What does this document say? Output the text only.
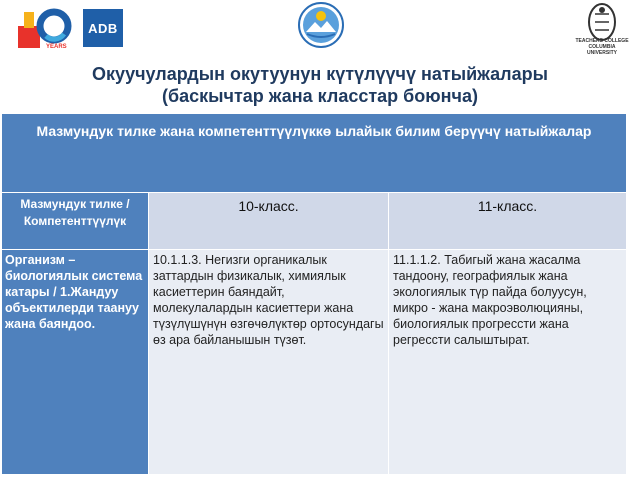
YEARS
ADB
TEACHERS COLLEGE
COLUMBIA UNIVERSITY
Окуучулардын окутуунун күтүлүүчү натыйжалары
(баскычтар жана класстар боюнча)
Мазмундук тилке жана компетенттүүлүккө ылайык билим берүүчү натыйжалар		

Мазмундук тилке / Компетенттүүлүк	10-класс.	11-класс.

Организм – биологиялык система катары / 1.Жандуу объектилерди таануу жана баяндоо.	10.1.1.3. Негизги органикалык заттардын физикалык, химиялык касиеттерин баяндайт, молекулалардын касиеттери жана түзүлүшүнүн өзгөчөлүктөр ортосундагы өз ара байланышын түзөт.	11.1.1.2. Табигый жана жасалма тандоону, географиялык жана экологиялык түр пайда болуусун, микро - жана макроэволюцияны, биологиялык прогрессти жана регрессти салыштырат.
